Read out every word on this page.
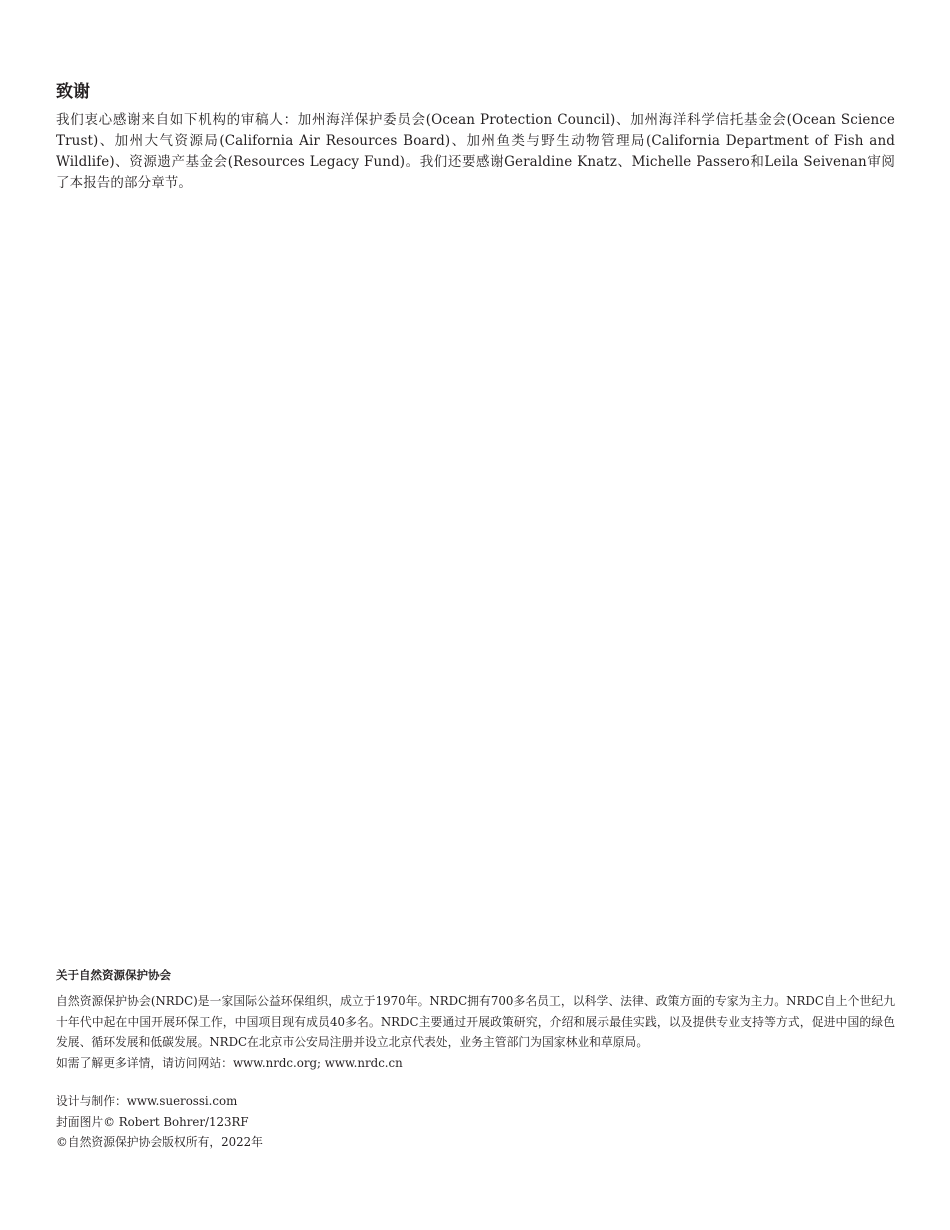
致谢

我们衷心感谢来自如下机构的审稿人：加州海洋保护委员会(Ocean Protection Council)、加州海洋科学信托基金会(Ocean Science Trust)、加州大气资源局(California Air Resources Board)、加州鱼类与野生动物管理局(California Department of Fish and Wildlife)、资源遗产基金会(Resources Legacy Fund)。我们还要感谢Geraldine Knatz、Michelle Passero和Leila Seivenan审阅了本报告的部分章节。

关于自然资源保护协会

自然资源保护协会(NRDC)是一家国际公益环保组织，成立于1970年。NRDC拥有700多名员工，以科学、法律、政策方面的专家为主力。NRDC自上个世纪九十年代中起在中国开展环保工作，中国项目现有成员40多名。NRDC主要通过开展政策研究，介绍和展示最佳实践，以及提供专业支持等方式，促进中国的绿色发展、循环发展和低碳发展。NRDC在北京市公安局注册并设立北京代表处，业务主管部门为国家林业和草原局。

如需了解更多详情，请访问网站：www.nrdc.org; www.nrdc.cn

设计与制作：www.suerossi.com

封面图片© Robert Bohrer/123RF

©自然资源保护协会版权所有，2022年
